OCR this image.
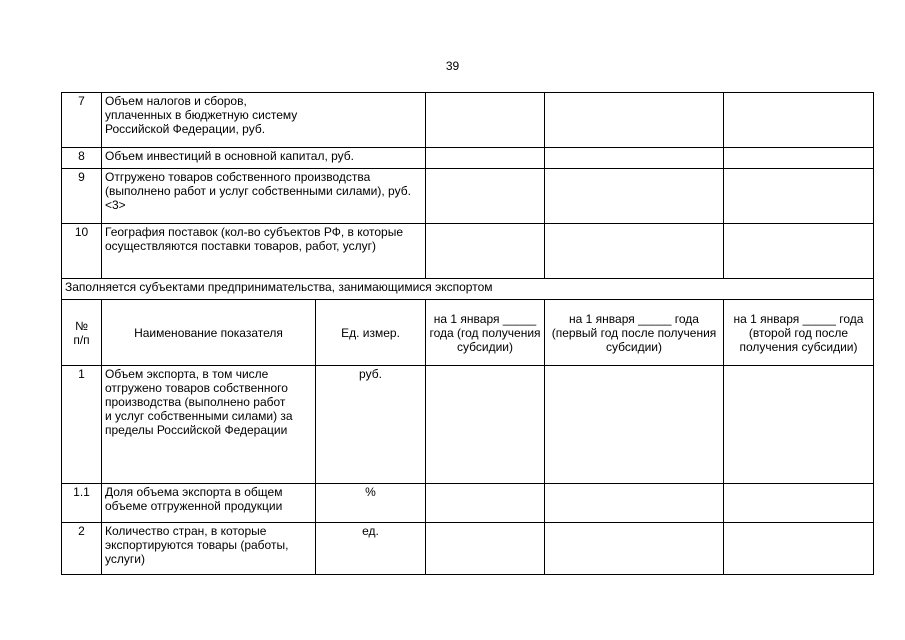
39
7	Объем налогов и сборов, уплаченных в бюджетную систему Российской Федерации, руб.				
8	Объем инвестиций в основной капитал, руб.				
9	Отгружено товаров собственного производства (выполнено работ и услуг собственными силами), руб. <3>				
10	География поставок (кол-во субъектов РФ, в которые осуществляются поставки товаров, работ, услуг)				
Заполняется субъектами предпринимательства, занимающимися экспортом					
№ п/п	Наименование показателя	Ед. измер.	на 1 января _____ года (год получения субсидии)	на 1 января _____ года (первый год после получения субсидии)	на 1 января _____ года (второй год после получения субсидии)
1	Объем экспорта, в том числе отгружено товаров собственного производства (выполнено работ и услуг собственными силами) за пределы Российской Федерации	руб.			
1.1	Доля объема экспорта в общем объеме отгруженной продукции	%			
2	Количество стран, в которые экспортируются товары (работы, услуги)	ед.			
